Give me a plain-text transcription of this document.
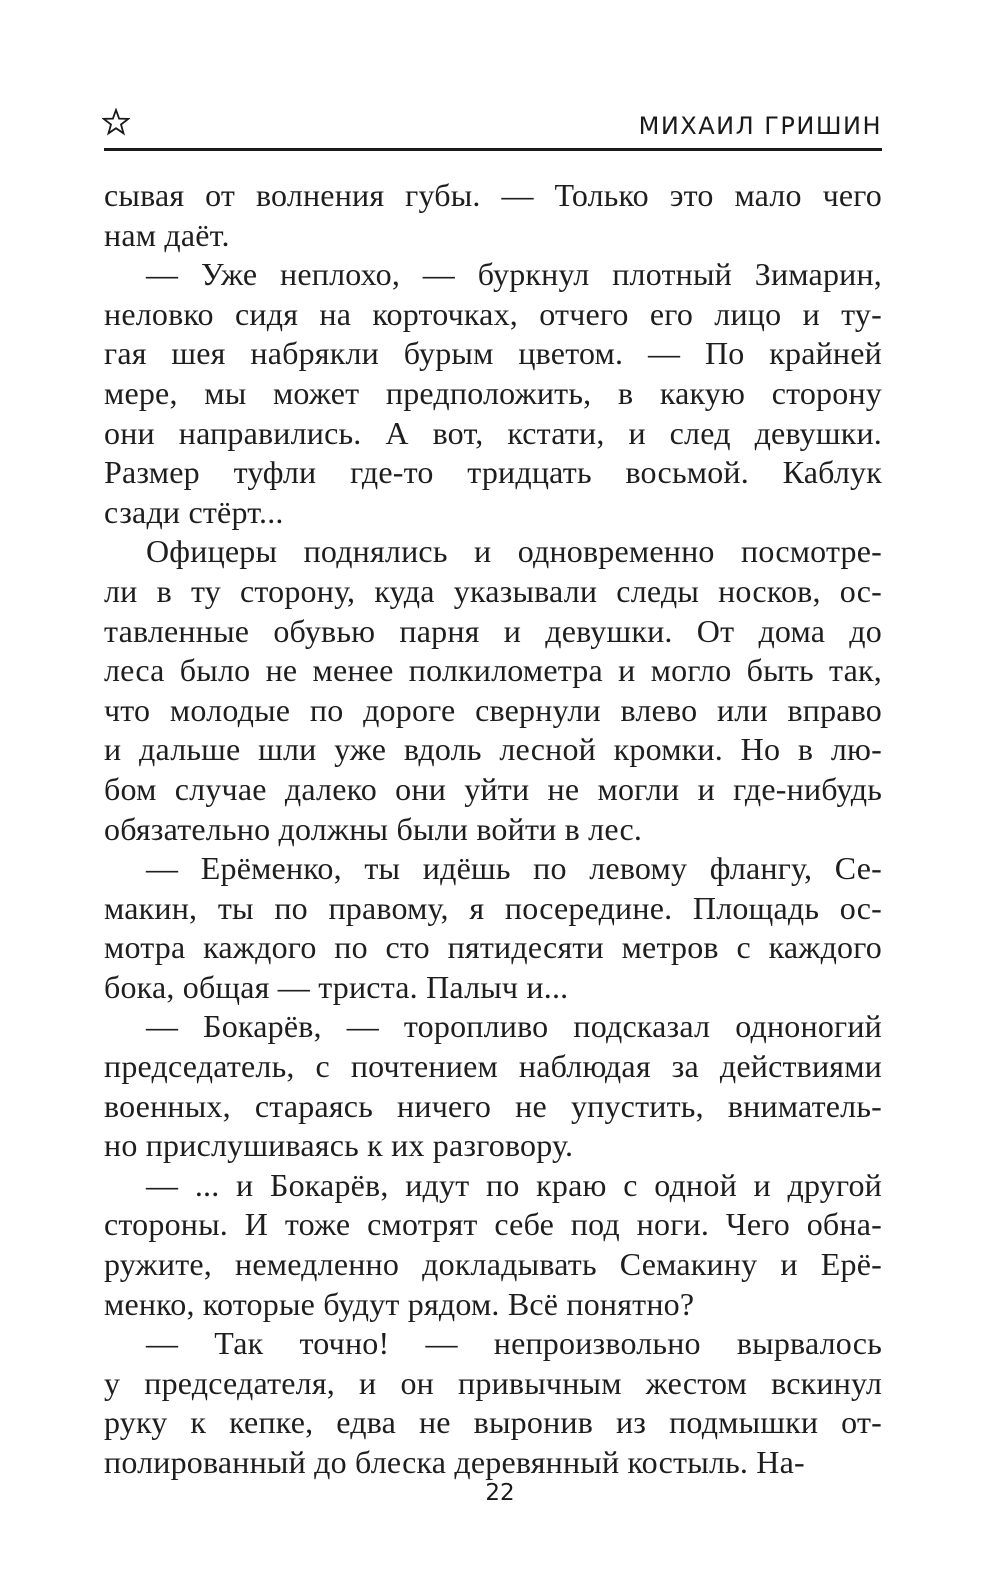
МИХАИЛ ГРИШИН
сывая от волнения губы. — Только это мало чего
нам даёт.
— Уже неплохо, — буркнул плотный Зимарин,
неловко сидя на корточках, отчего его лицо и ту-
гая шея набрякли бурым цветом. — По крайней
мере, мы может предположить, в какую сторону
они направились. А вот, кстати, и след девушки.
Размер туфли где-то тридцать восьмой. Каблук
сзади стёрт...
Офицеры поднялись и одновременно посмотре-
ли в ту сторону, куда указывали следы носков, ос-
тавленные обувью парня и девушки. От дома до
леса было не менее полкилометра и могло быть так,
что молодые по дороге свернули влево или вправо
и дальше шли уже вдоль лесной кромки. Но в лю-
бом случае далеко они уйти не могли и где-нибудь
обязательно должны были войти в лес.
— Ерёменко, ты идёшь по левому флангу, Се-
макин, ты по правому, я посередине. Площадь ос-
мотра каждого по сто пятидесяти метров с каждого
бока, общая — триста. Палыч и...
— Бокарёв, — торопливо подсказал одноногий
председатель, с почтением наблюдая за действиями
военных, стараясь ничего не упустить, вниматель-
но прислушиваясь к их разговору.
— ... и Бокарёв, идут по краю с одной и другой
стороны. И тоже смотрят себе под ноги. Чего обна-
ружите, немедленно докладывать Семакину и Ерё-
менко, которые будут рядом. Всё понятно?
— Так точно! — непроизвольно вырвалось
у председателя, и он привычным жестом вскинул
руку к кепке, едва не выронив из подмышки от-
полированный до блеска деревянный костыль. На-
22
